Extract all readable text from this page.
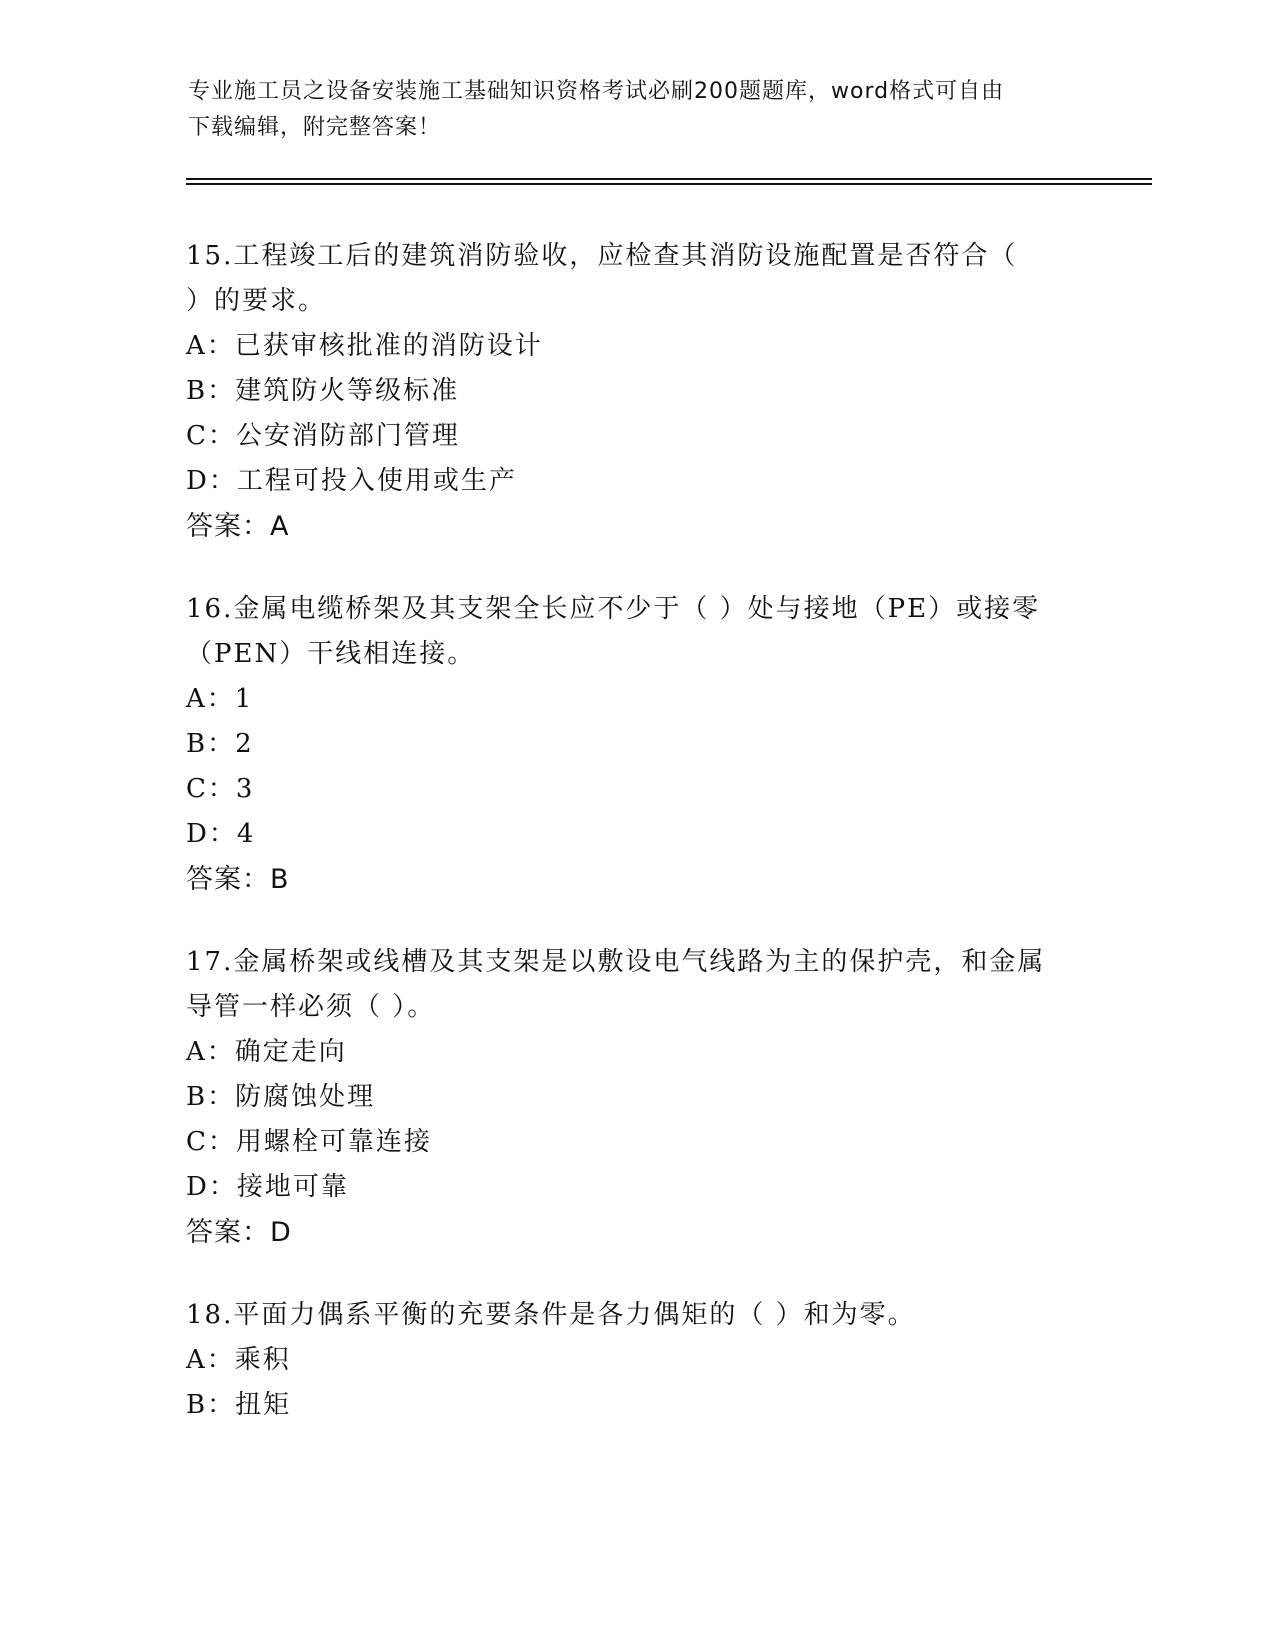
专业施工员之设备安装施工基础知识资格考试必刷200题题库，word格式可自由
下载编辑，附完整答案！
15.工程竣工后的建筑消防验收，应检查其消防设施配置是否符合（
）的要求。
A：已获审核批准的消防设计
B：建筑防火等级标准
C：公安消防部门管理
D：工程可投入使用或生产
答案：A
16.金属电缆桥架及其支架全长应不少于（ ）处与接地（PE）或接零
（PEN）干线相连接。
A：1
B：2
C：3
D：4
答案：B
17.金属桥架或线槽及其支架是以敷设电气线路为主的保护壳，和金属
导管一样必须（ ）。
A：确定走向
B：防腐蚀处理
C：用螺栓可靠连接
D：接地可靠
答案：D
18.平面力偶系平衡的充要条件是各力偶矩的（ ）和为零。
A：乘积
B：扭矩
